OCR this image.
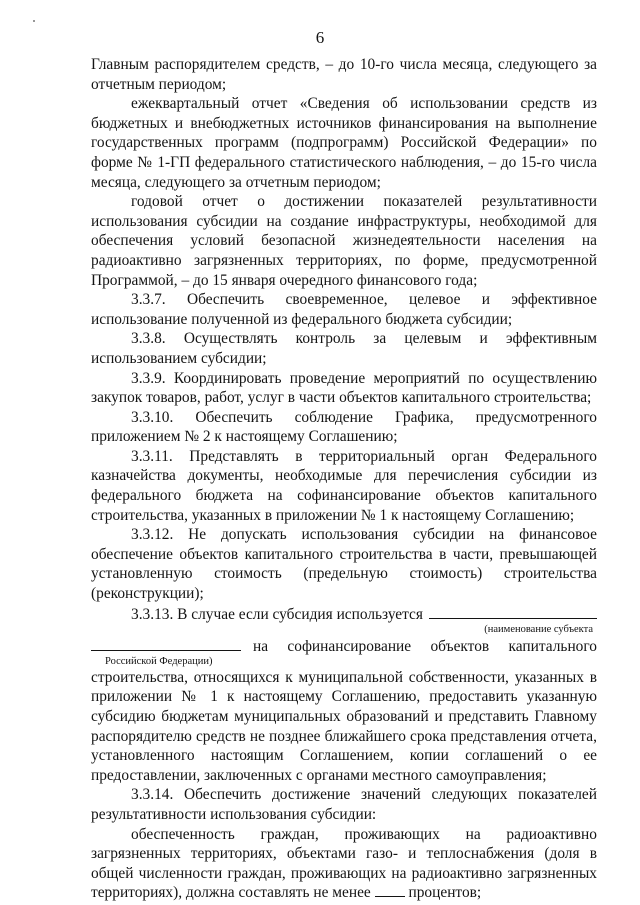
6

Главным распорядителем средств, – до 10-го числа месяца, следующего за отчетным периодом;

ежеквартальный отчет «Сведения об использовании средств из бюджетных и внебюджетных источников финансирования на выполнение государственных программ (подпрограмм) Российской Федерации» по форме № 1-ГП федерального статистического наблюдения, – до 15-го числа месяца, следующего за отчетным периодом;

годовой отчет о достижении показателей результативности использования субсидии на создание инфраструктуры, необходимой для обеспечения условий безопасной жизнедеятельности населения на радиоактивно загрязненных территориях, по форме, предусмотренной Программой, – до 15 января очередного финансового года;

3.3.7. Обеспечить своевременное, целевое и эффективное использование полученной из федерального бюджета субсидии;

3.3.8. Осуществлять контроль за целевым и эффективным использованием субсидии;

3.3.9. Координировать проведение мероприятий по осуществлению закупок товаров, работ, услуг в части объектов капитального строительства;

3.3.10. Обеспечить соблюдение Графика, предусмотренного приложением № 2 к настоящему Соглашению;

3.3.11. Представлять в территориальный орган Федерального казначейства документы, необходимые для перечисления субсидии из федерального бюджета на софинансирование объектов капитального строительства, указанных в приложении № 1 к настоящему Соглашению;

3.3.12. Не допускать использования субсидии на финансовое обеспечение объектов капитального строительства в части, превышающей установленную стоимость (предельную стоимость) строительства (реконструкции);

3.3.13. В случае если субсидия используется
(наименование субъекта
на софинансирование объектов капитального
Российской Федерации)

строительства, относящихся к муниципальной собственности, указанных в приложении № 1 к настоящему Соглашению, предоставить указанную субсидию бюджетам муниципальных образований и представить Главному распорядителю средств не позднее ближайшего срока представления отчета, установленного настоящим Соглашением, копии соглашений о ее предоставлении, заключенных с органами местного самоуправления;

3.3.14. Обеспечить достижение значений следующих показателей результативности использования субсидии:

обеспеченность граждан, проживающих на радиоактивно загрязненных территориях, объектами газо- и теплоснабжения (доля в общей численности граждан, проживающих на радиоактивно загрязненных территориях), должна составлять не менее процентов;
